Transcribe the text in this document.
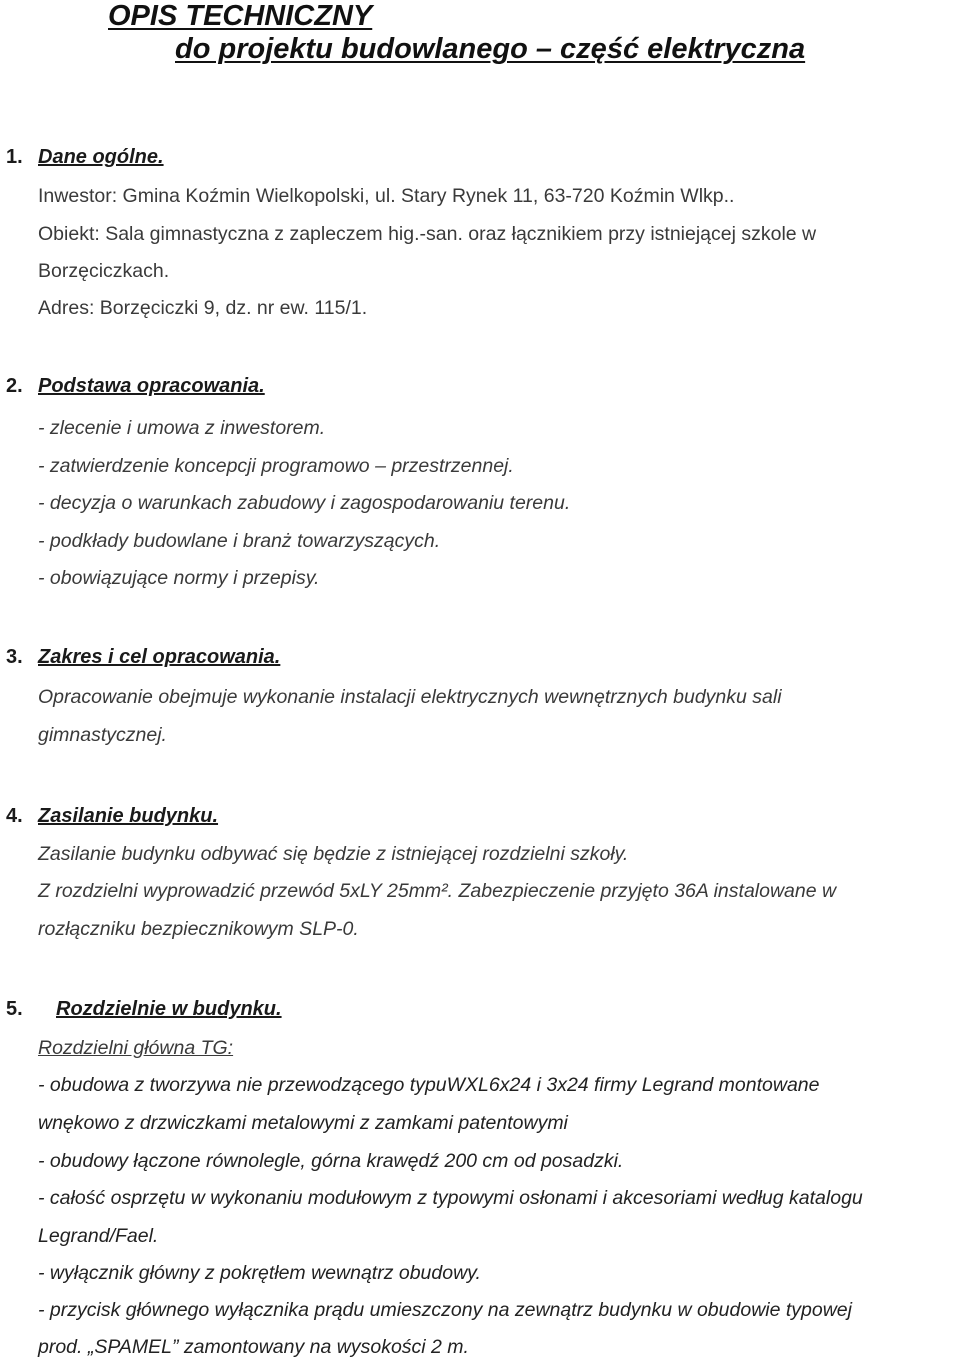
OPIS TECHNICZNY
do projektu budowlanego – część elektryczna
1. Dane ogólne.
Inwestor: Gmina Koźmin Wielkopolski, ul. Stary Rynek 11, 63-720 Koźmin Wlkp..
Obiekt: Sala gimnastyczna z zapleczem hig.-san. oraz łącznikiem przy istniejącej szkole w
Borzęciczkach.
Adres: Borzęciczki 9, dz. nr ew. 115/1.
2. Podstawa opracowania.
- zlecenie i umowa z inwestorem.
- zatwierdzenie koncepcji programowo – przestrzennej.
- decyzja o warunkach zabudowy i zagospodarowaniu terenu.
- podkłady budowlane i branż towarzyszących.
- obowiązujące normy i przepisy.
3. Zakres i cel opracowania.
Opracowanie obejmuje wykonanie instalacji elektrycznych wewnętrznych budynku sali
gimnastycznej.
4. Zasilanie budynku.
Zasilanie budynku odbywać się będzie z istniejącej rozdzielni szkoły.
Z rozdzielni wyprowadzić przewód 5xLY 25mm². Zabezpieczenie przyjęto 36A instalowane w
rozłączniku bezpiecznikowym SLP-0.
5. Rozdzielnie w budynku.
Rozdzielni główna TG:
- obudowa z tworzywa nie przewodzącego typuWXL6x24 i 3x24 firmy Legrand montowane
wnękowo z drzwiczkami metalowymi z zamkami patentowymi
- obudowy łączone równolegle, górna krawędź 200 cm od posadzki.
- całość osprzętu w wykonaniu modułowym z typowymi osłonami i akcesoriami według katalogu
Legrand/Fael.
- wyłącznik główny z pokrętłem wewnątrz obudowy.
- przycisk głównego wyłącznika prądu umieszczony na zewnątrz budynku w obudowie typowej
prod. „SPAMEL” zamontowany na wysokości 2 m.
